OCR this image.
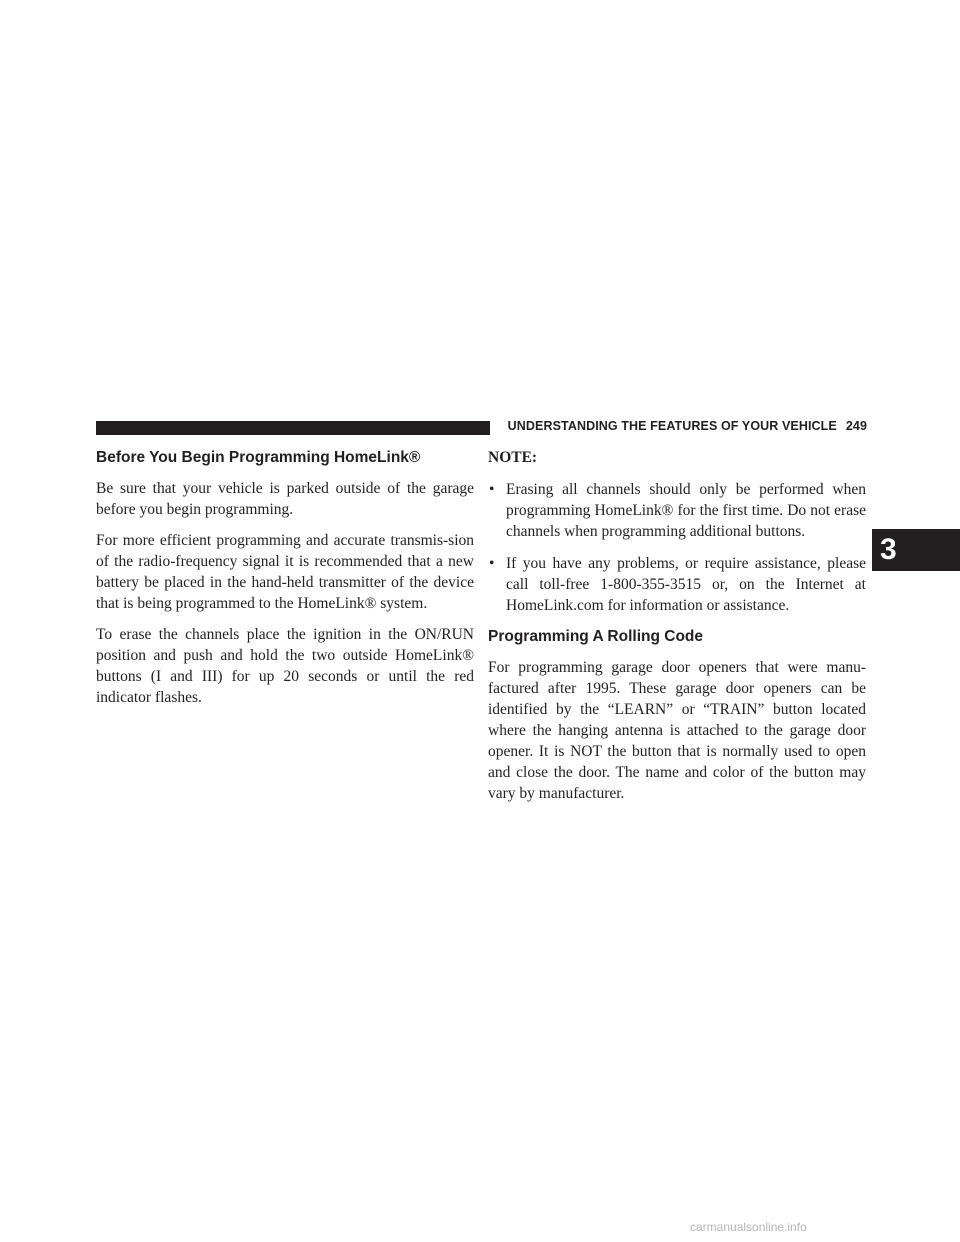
UNDERSTANDING THE FEATURES OF YOUR VEHICLE 249
Before You Begin Programming HomeLink®

Be sure that your vehicle is parked outside of the garage before you begin programming.

For more efficient programming and accurate transmis-sion of the radio-frequency signal it is recommended that a new battery be placed in the hand-held transmitter of the device that is being programmed to the HomeLink® system.

To erase the channels place the ignition in the ON/RUN position and push and hold the two outside HomeLink® buttons (I and III) for up 20 seconds or until the red indicator flashes.

NOTE:
• Erasing all channels should only be performed when programming HomeLink® for the first time. Do not erase channels when programming additional buttons.
• If you have any problems, or require assistance, please call toll-free 1-800-355-3515 or, on the Internet at HomeLink.com for information or assistance.
Programming A Rolling Code

For programming garage door openers that were manu-factured after 1995. These garage door openers can be identified by the “LEARN” or “TRAIN” button located where the hanging antenna is attached to the garage door opener. It is NOT the button that is normally used to open and close the door. The name and color of the button may vary by manufacturer.

3
carmanualsonline.info
